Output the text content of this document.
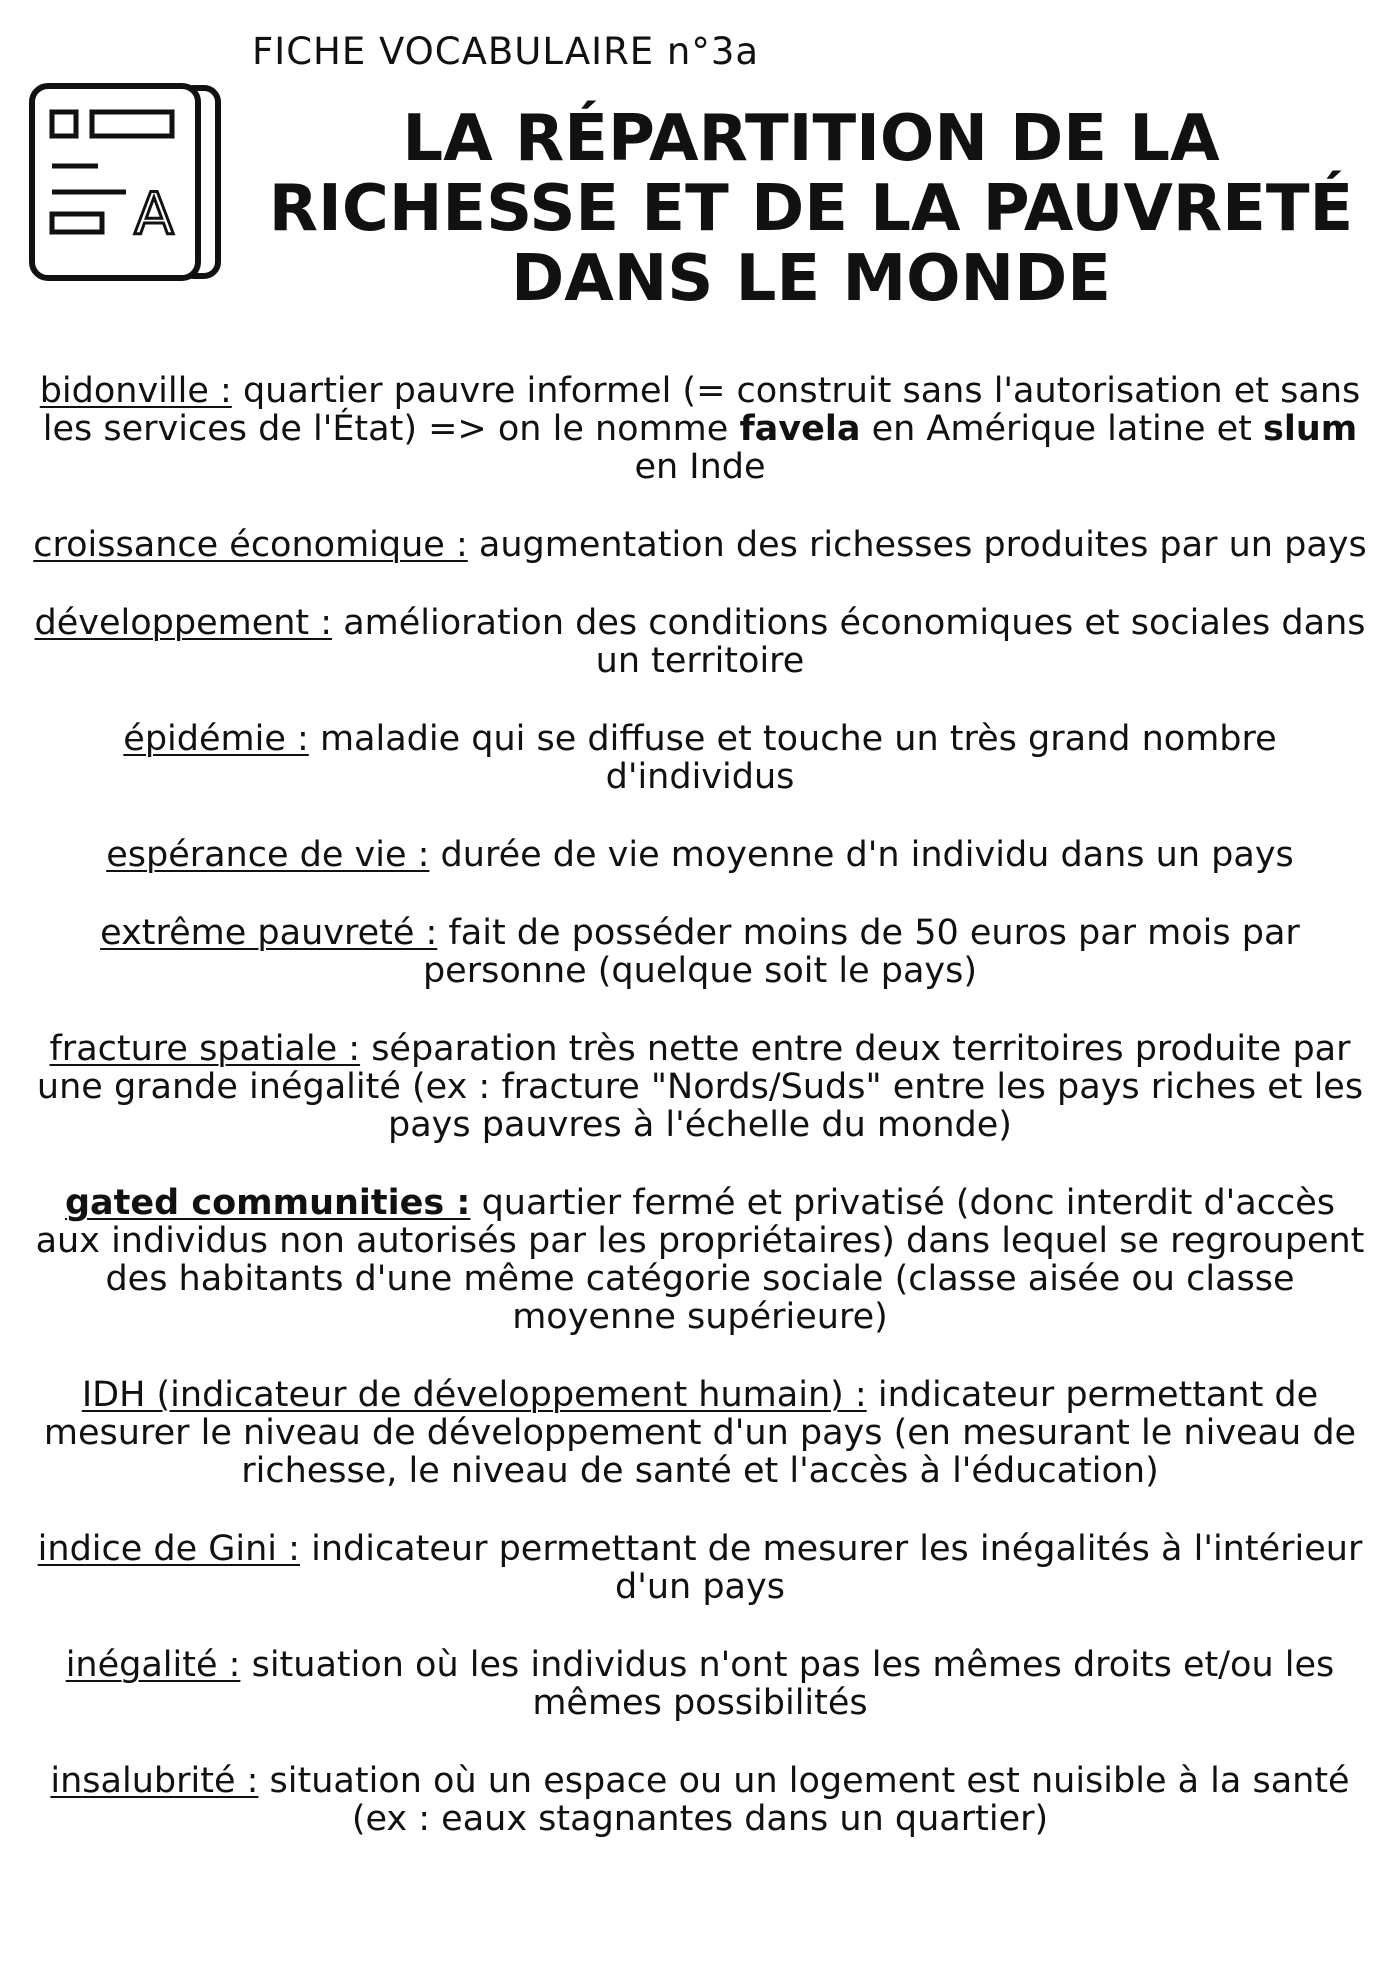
A
FICHE VOCABULAIRE n°3a
LA RÉPARTITION DE LA
RICHESSE ET DE LA PAUVRETÉ
DANS LE MONDE

bidonville : quartier pauvre informel (= construit sans l'autorisation et sans les services de l'État) => on le nomme favela en Amérique latine et slum en Inde

croissance économique : augmentation des richesses produites par un pays

développement : amélioration des conditions économiques et sociales dans un territoire

épidémie : maladie qui se diffuse et touche un très grand nombre d'individus

espérance de vie : durée de vie moyenne d'n individu dans un pays

extrême pauvreté : fait de posséder moins de 50 euros par mois par personne (quelque soit le pays)

fracture spatiale : séparation très nette entre deux territoires produite par une grande inégalité (ex : fracture "Nords/Suds" entre les pays riches et les pays pauvres à l'échelle du monde)

gated communities : quartier fermé et privatisé (donc interdit d'accès aux individus non autorisés par les propriétaires) dans lequel se regroupent des habitants d'une même catégorie sociale (classe aisée ou classe moyenne supérieure)

IDH (indicateur de développement humain) : indicateur permettant de mesurer le niveau de développement d'un pays (en mesurant le niveau de richesse, le niveau de santé et l'accès à l'éducation)

indice de Gini : indicateur permettant de mesurer les inégalités à l'intérieur d'un pays

inégalité : situation où les individus n'ont pas les mêmes droits et/ou les mêmes possibilités

insalubrité : situation où un espace ou un logement est nuisible à la santé (ex : eaux stagnantes dans un quartier)
